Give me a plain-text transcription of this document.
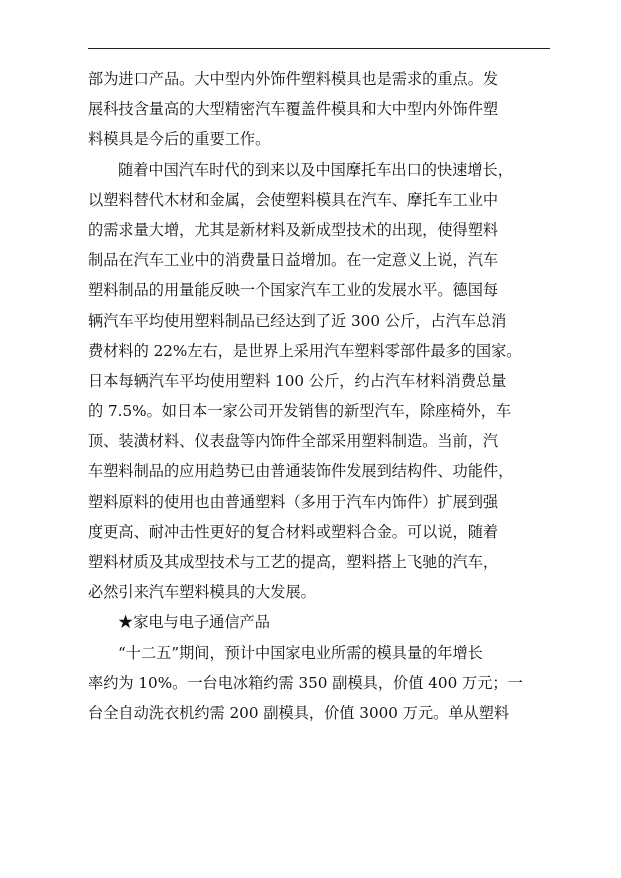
部为进口产品。大中型内外饰件塑料模具也是需求的重点。发
展科技含量高的大型精密汽车覆盖件模具和大中型内外饰件塑
料模具是今后的重要工作。
随着中国汽车时代的到来以及中国摩托车出口的快速增长，
以塑料替代木材和金属，会使塑料模具在汽车、摩托车工业中
的需求量大增，尤其是新材料及新成型技术的出现，使得塑料
制品在汽车工业中的消费量日益增加。在一定意义上说，汽车
塑料制品的用量能反映一个国家汽车工业的发展水平。德国每
辆汽车平均使用塑料制品已经达到了近 300 公斤，占汽车总消
费材料的 22%左右，是世界上采用汽车塑料零部件最多的国家。
日本每辆汽车平均使用塑料 100 公斤，约占汽车材料消费总量
的 7.5%。如日本一家公司开发销售的新型汽车，除座椅外，车
顶、装潢材料、仪表盘等内饰件全部采用塑料制造。当前，汽
车塑料制品的应用趋势已由普通装饰件发展到结构件、功能件，
塑料原料的使用也由普通塑料（多用于汽车内饰件）扩展到强
度更高、耐冲击性更好的复合材料或塑料合金。可以说，随着
塑料材质及其成型技术与工艺的提高，塑料搭上飞驰的汽车，
必然引来汽车塑料模具的大发展。
★家电与电子通信产品
“十二五”期间，预计中国家电业所需的模具量的年增长
率约为 10%。一台电冰箱约需 350 副模具，价值 400 万元；一
台全自动洗衣机约需 200 副模具，价值 3000 万元。单从塑料
